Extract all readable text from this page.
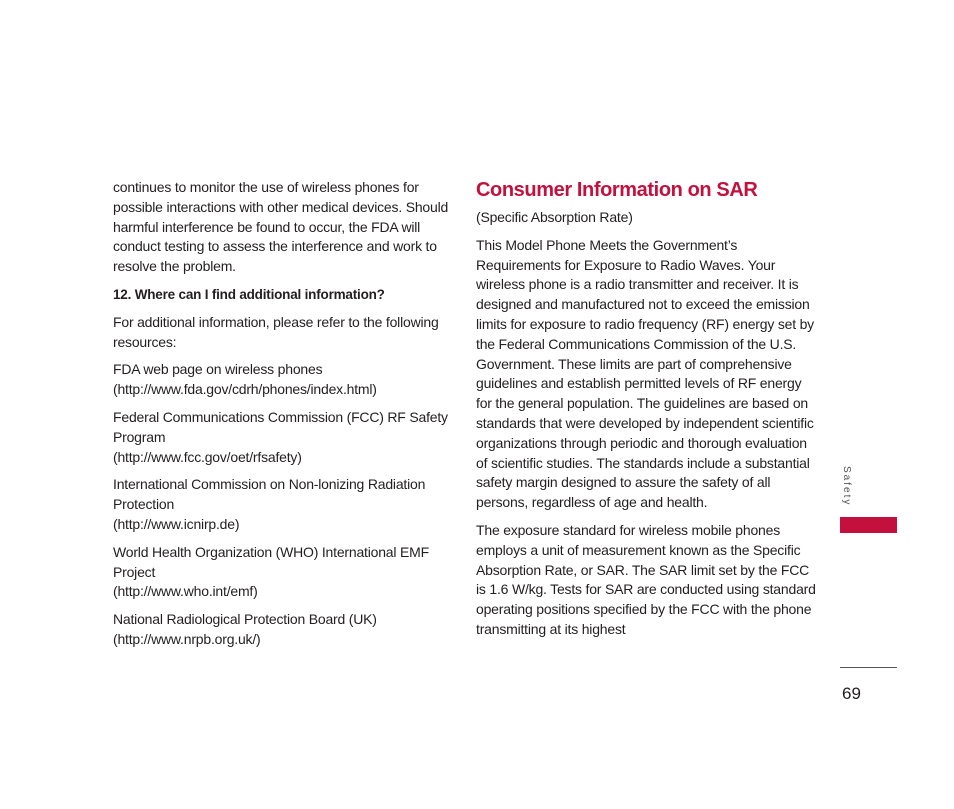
continues to monitor the use of wireless phones for possible interactions with other medical devices. Should harmful interference be found to occur, the FDA will conduct testing to assess the interference and work to resolve the problem.

12. Where can I find additional information?

For additional information, please refer to the following resources:

FDA web page on wireless phones
(http://www.fda.gov/cdrh/phones/index.html)
Federal Communications Commission (FCC) RF Safety Program
(http://www.fcc.gov/oet/rfsafety)
International Commission on Non-lonizing Radiation Protection
(http://www.icnirp.de)
World Health Organization (WHO) International EMF Project
(http://www.who.int/emf)
National Radiological Protection Board (UK)
(http://www.nrpb.org.uk/)
Consumer Information on SAR

(Specific Absorption Rate)

This Model Phone Meets the Government’s Requirements for Exposure to Radio Waves. Your wireless phone is a radio transmitter and receiver. It is designed and manufactured not to exceed the emission limits for exposure to radio frequency (RF) energy set by the Federal Communications Commission of the U.S. Government. These limits are part of comprehensive guidelines and establish permitted levels of RF energy for the general population. The guidelines are based on standards that were developed by independent scientific organizations through periodic and thorough evaluation of scientific studies. The standards include a substantial safety margin designed to assure the safety of all persons, regardless of age and health.

The exposure standard for wireless mobile phones employs a unit of measurement known as the Specific Absorption Rate, or SAR. The SAR limit set by the FCC is 1.6 W/kg. Tests for SAR are conducted using standard operating positions specified by the FCC with the phone transmitting at its highest

Safety
69
